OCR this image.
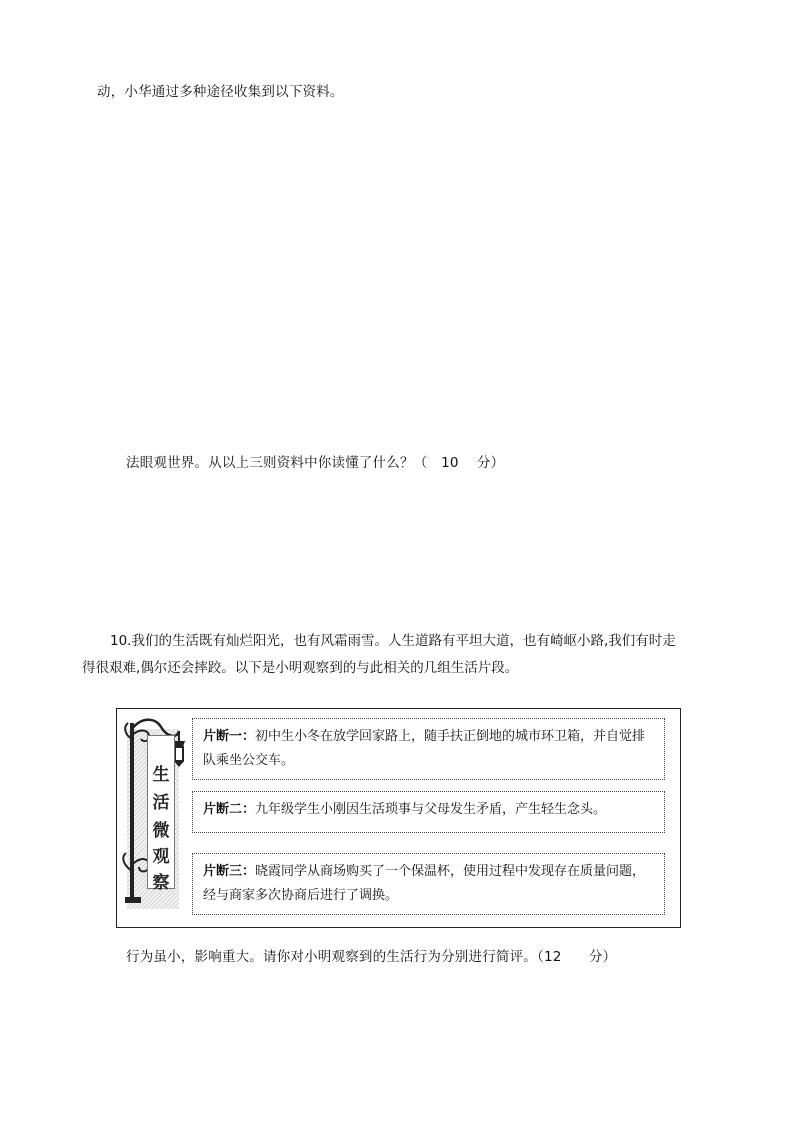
动，小华通过多种途径收集到以下资料。
法眼观世界。从以上三则资料中你读懂了什么？（　10　 分）
10.我们的生活既有灿烂阳光，也有风霜雨雪。人生道路有平坦大道，也有崎岖小路,我们有时走　得很艰难,偶尔还会摔跤。以下是小明观察到的与此相关的几组生活片段。
生
活
微
观
察
片断一：初中生小冬在放学回家路上，随手扶正倒地的城市环卫箱，并自觉排队乘坐公交车。
片断二：九年级学生小刚因生活琐事与父母发生矛盾，产生轻生念头。
片断三：晓霞同学从商场购买了一个保温杯，使用过程中发现存在质量问题，经与商家多次协商后进行了调换。
行为虽小，影响重大。请你对小明观察到的生活行为分别进行简评。（12　　分）
